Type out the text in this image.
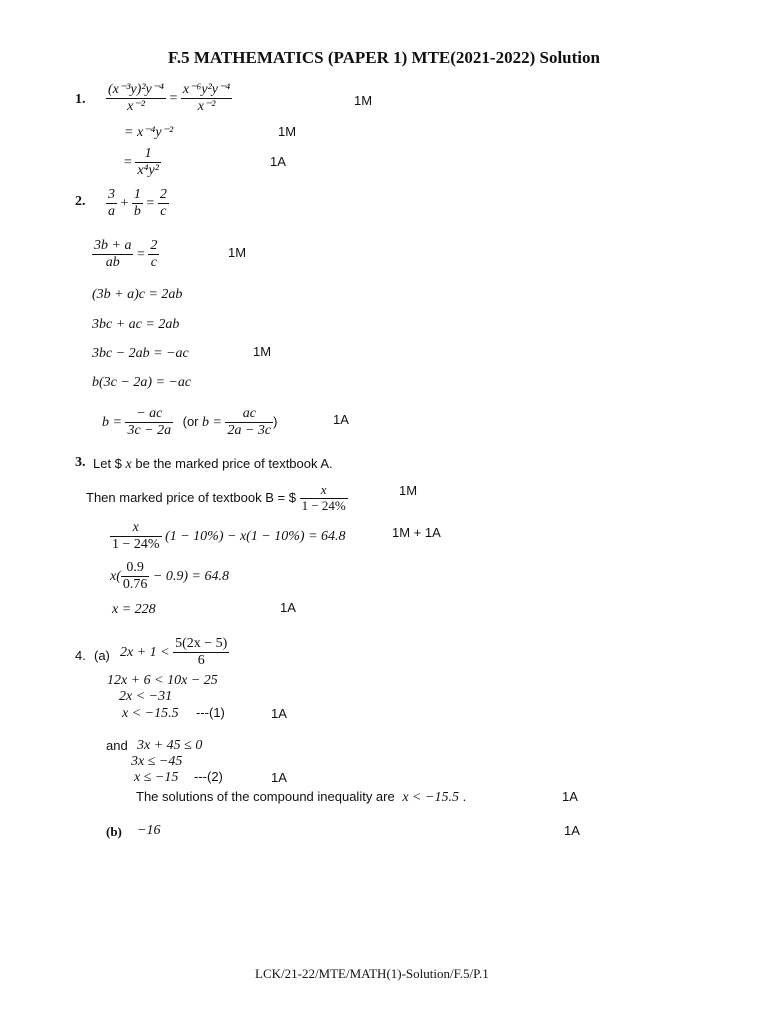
F.5 MATHEMATICS (PAPER 1) MTE(2021-2022) Solution
1. $\frac{\text{(x⁻³y)²y⁻⁴}}{\text{x⁻²}} = \frac{\text{x⁻⁶y²y⁻⁴}}{\text{x⁻²}}$	1M
= x⁻⁴y⁻²	1M
= $\frac{1}{\text{x⁴y²}}$	1A
2. $\frac{3}{a} + \frac{1}{b} = \frac{2}{c}$
$\frac{3b + a}{ab} = \frac{2}{c}$	1M
(3b + a)c = 2ab
3bc + ac = 2ab
3bc − 2ab = −ac	1M
b(3c − 2a) = −ac
$b = \frac{- ac}{3c - 2a} (or$ $b = \frac{ac}{2a - 3c}$ )	1A
3. Let $ x be the marked price of textbook A.
Then marked price of textbook B = $ $\frac{x}{1 - 24\%}$	1M
$\frac{x}{1 - 24\%} (1 - 10\%) - x(1 - 10\%) = 64.8$	1M + 1A
$x( \frac{0.9}{0.76} - 0.9) = 64.8$
x = 228	1A
4. (a) $2x + 1 < \frac{5(2x - 5)}{6}$
12x + 6 < 10x − 25
2x < −31
x < −15.5 ---(1)	1A
and 3x + 45 ≤ 0
3x ≤ −45
x ≤ −15 ---(2)	1A
The solutions of the compound inequality are x < −15.5 .	1A
(b) −16	1A
LCK/21-22/MTE/MATH(1)-Solution/F.5/P.1
